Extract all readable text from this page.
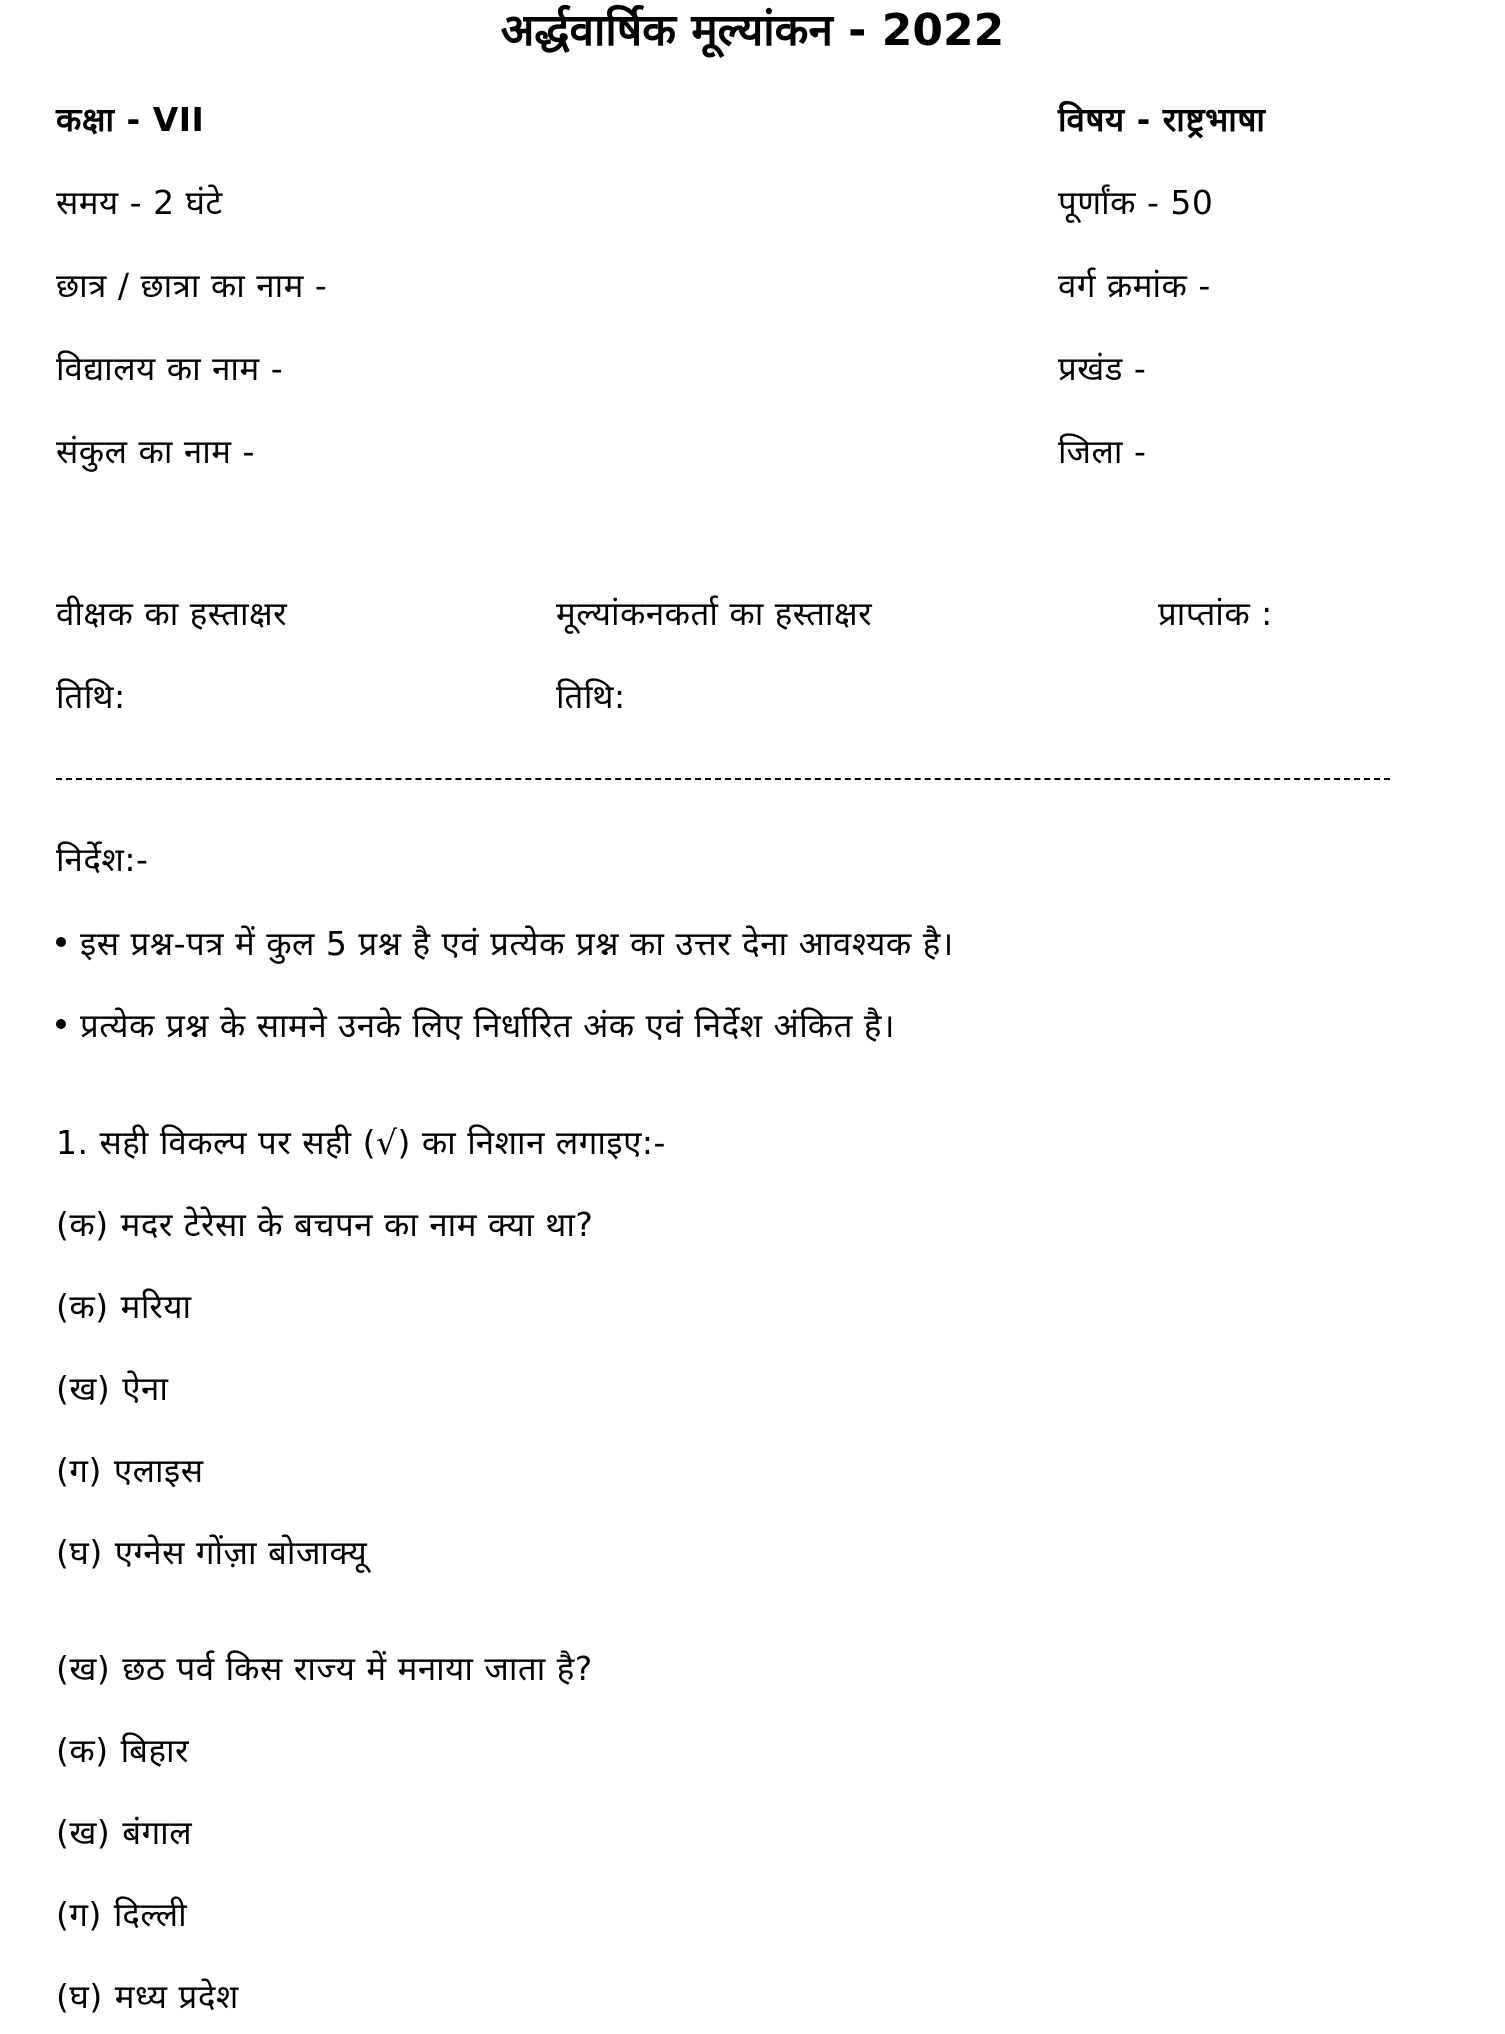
अर्द्धवार्षिक मूल्यांकन - 2022
कक्षा - VII	विषय - राष्ट्रभाषा
समय - 2 घंटे	पूर्णांक - 50
छात्र / छात्रा का नाम -	वर्ग क्रमांक -
विद्यालय का नाम -	प्रखंड -
संकुल का नाम -	जिला -
वीक्षक का हस्ताक्षर	मूल्यांकनकर्ता का हस्ताक्षर	प्राप्तांक :
तिथि:	तिथि:
निर्देश:-
इस प्रश्न-पत्र में कुल 5 प्रश्न है एवं प्रत्येक प्रश्न का उत्तर देना आवश्यक है।
प्रत्येक प्रश्न के सामने उनके लिए निर्धारित अंक एवं निर्देश अंकित है।
1. सही विकल्प पर सही (√) का निशान लगाइए:-
(क) मदर टेरेसा के बचपन का नाम क्या था?
(क) मरिया
(ख) ऐना
(ग) एलाइस
(घ) एग्नेस गोंज़ा बोजाक्यू
(ख) छठ पर्व किस राज्य में मनाया जाता है?
(क) बिहार
(ख) बंगाल
(ग) दिल्ली
(घ) मध्य प्रदेश
